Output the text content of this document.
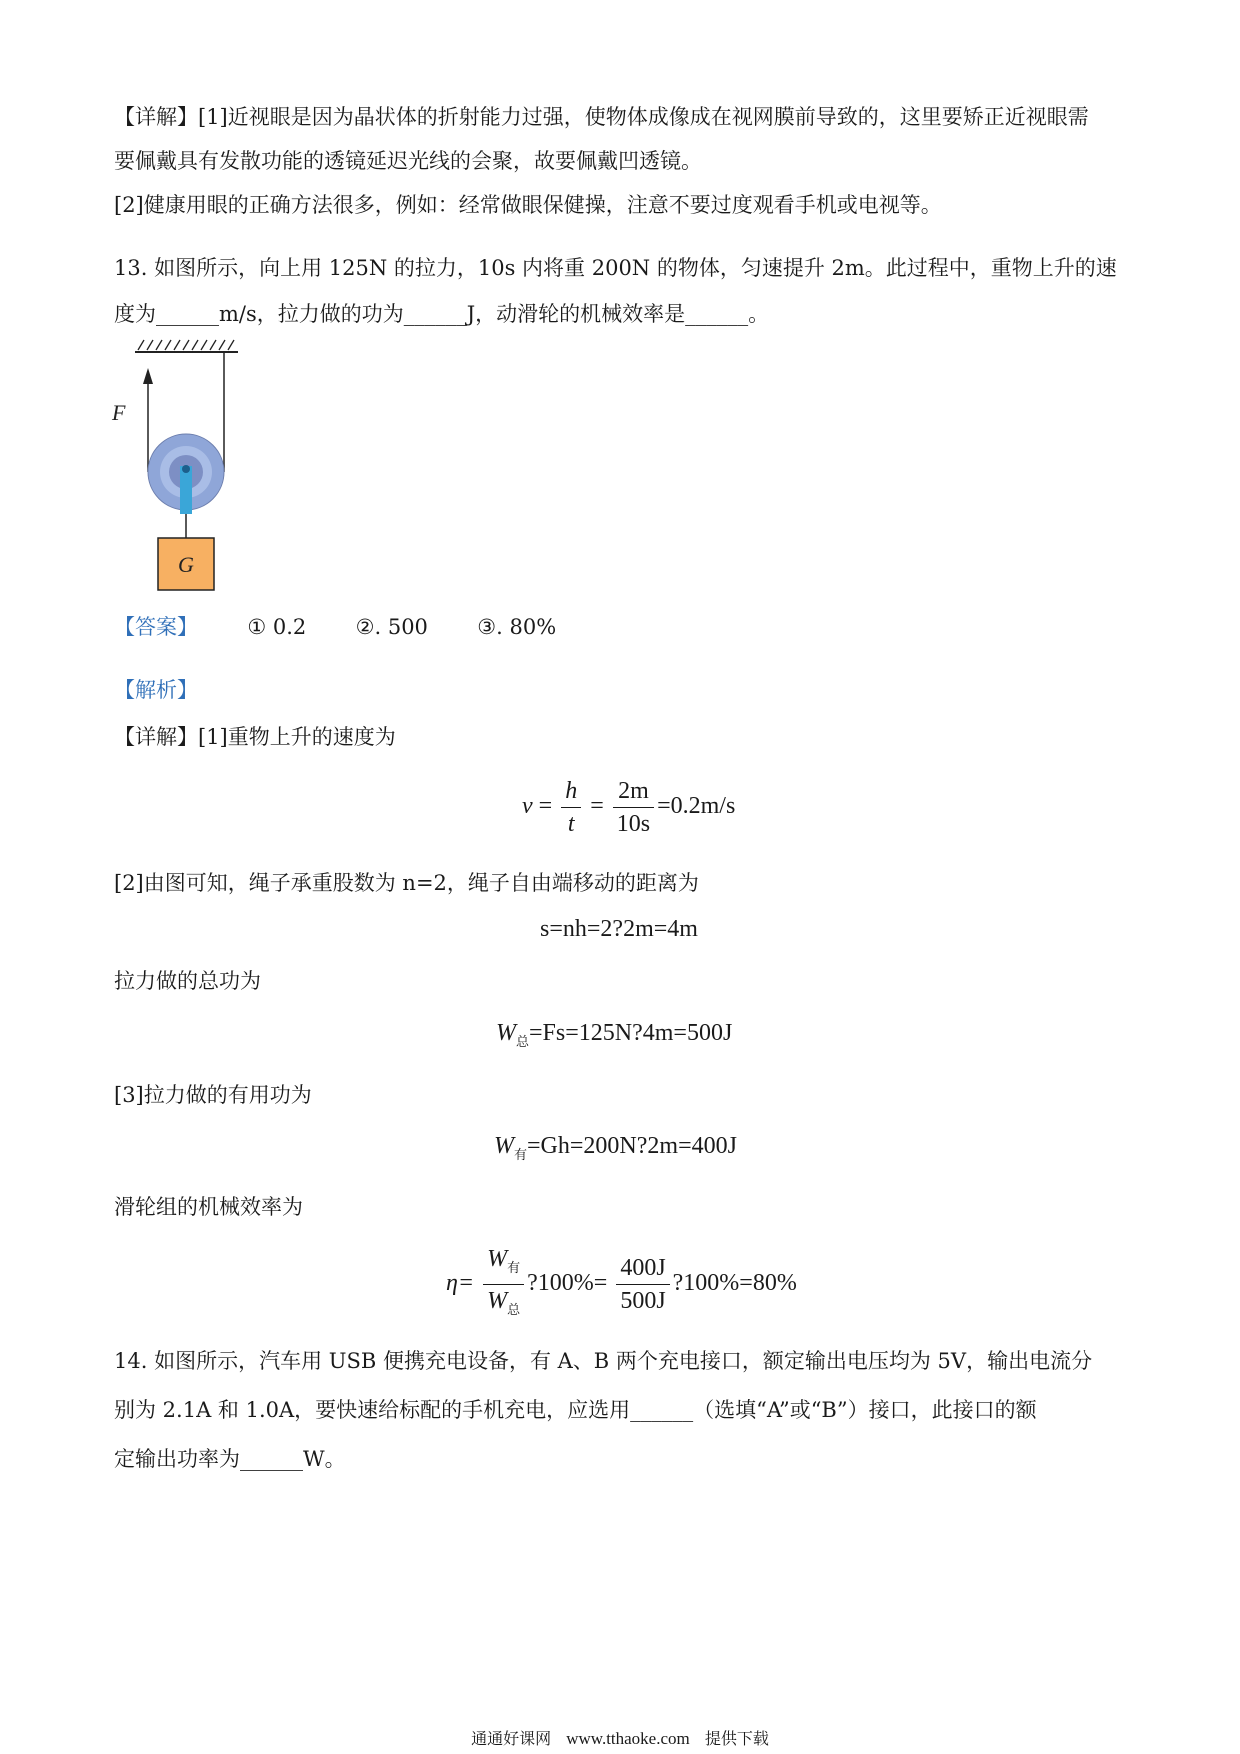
【详解】[1]近视眼是因为晶状体的折射能力过强，使物体成像成在视网膜前导致的，这里要矫正近视眼需
要佩戴具有发散功能的透镜延迟光线的会聚，故要佩戴凹透镜。
[2]健康用眼的正确方法很多，例如：经常做眼保健操，注意不要过度观看手机或电视等。
13. 如图所示，向上用 125N 的拉力，10s 内将重 200N 的物体，匀速提升 2m。此过程中，重物上升的速
度为______m/s，拉力做的功为______J，动滑轮的机械效率是______。
F
G
【答案】 ① 0.2 ②. 500 ③. 80%
【解析】
【详解】[1]重物上升的速度为
$v = \frac{h}{t} = \frac{2m}{10s} =0.2m/s$
[2]由图可知，绳子承重股数为 n=2，绳子自由端移动的距离为
s=nh=2?2m=4m
拉力做的总功为
$W_总=Fs=125N?4m=500J$
[3]拉力做的有用功为
$W_有=Gh=200N?2m=400J$
滑轮组的机械效率为
$\eta= \frac{W_有}{W_总}$ ?100%= $\frac{400J}{500J}$ ?100%=80%
14. 如图所示，汽车用 USB 便携充电设备，有 A、B 两个充电接口，额定输出电压均为 5V，输出电流分
别为 2.1A 和 1.0A，要快速给标配的手机充电，应选用______（选填“A”或“B”）接口，此接口的额
定输出功率为______W。
通通好课网 www.tthaoke.com 提供下载
